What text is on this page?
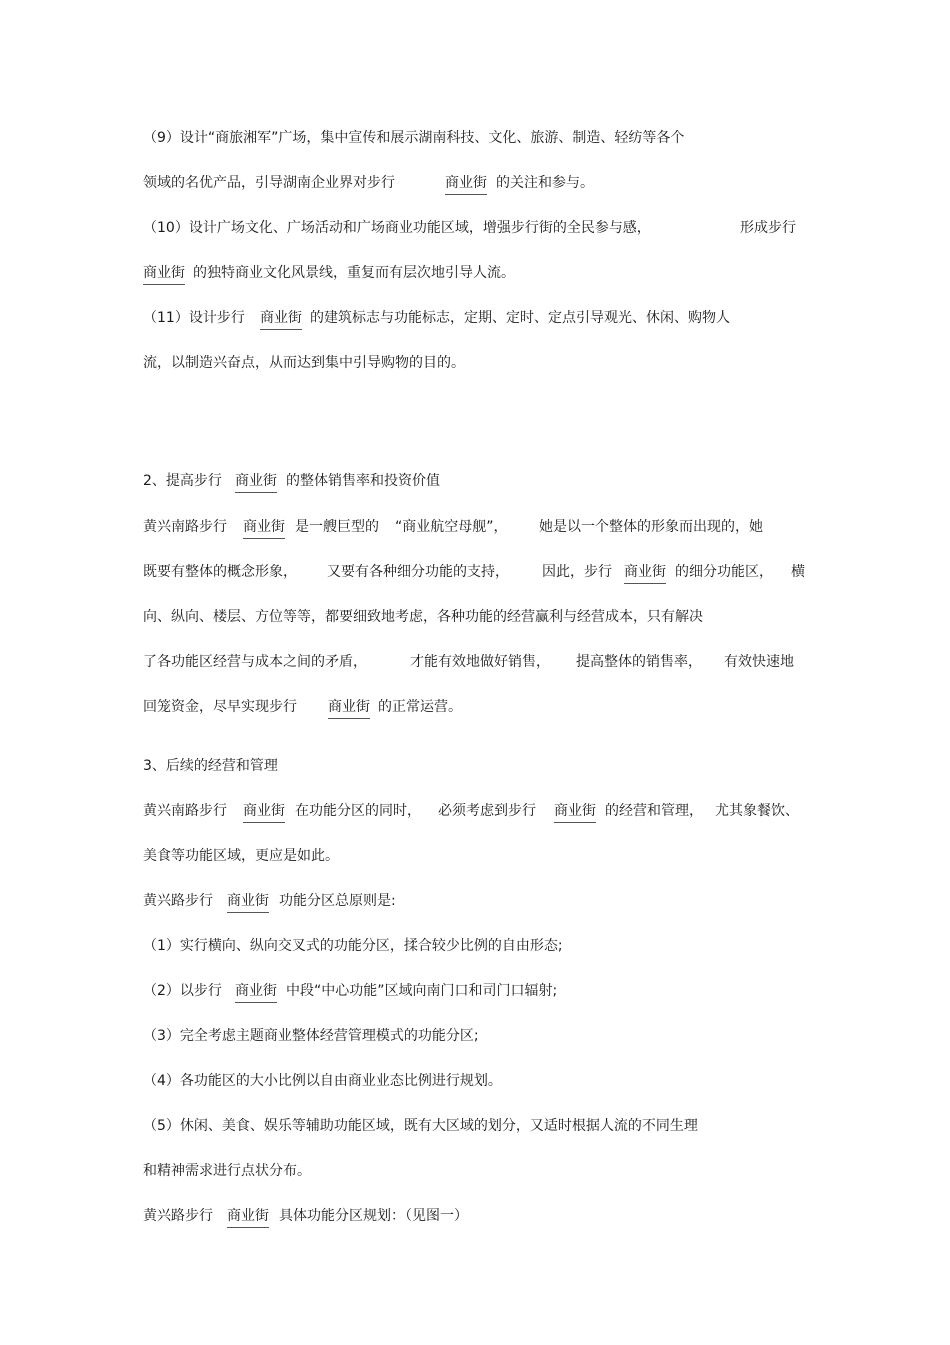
（9）设计“商旅湘军”广场，集中宣传和展示湖南科技、文化、旅游、制造、轻纺等各个
领域的名优产品，引导湖南企业界对步行	商业街 的关注和参与。
（10）设计广场文化、广场活动和广场商业功能区域，增强步行街的全民参与感，	形成步行
商业街 的独特商业文化风景线，重复而有层次地引导人流。
（11）设计步行 商业街 的建筑标志与功能标志，定期、定时、定点引导观光、休闲、购物人
流，以制造兴奋点，从而达到集中引导购物的目的。
2、提高步行 商业街 的整体销售率和投资价值
黄兴南路步行 商业街 是一艘巨型的 “商业航空母舰”， 她是以一个整体的形象而出现的，她
既要有整体的概念形象， 又要有各种细分功能的支持， 因此，步行 商业街 的细分功能区， 横
向、纵向、楼层、方位等等，都要细致地考虑，各种功能的经营赢利与经营成本，只有解决
了各功能区经营与成本之间的矛盾，	才能有效地做好销售， 提高整体的销售率， 有效快速地
回笼资金，尽早实现步行 商业街 的正常运营。
3、后续的经营和管理
黄兴南路步行 商业街 在功能分区的同时， 必须考虑到步行 商业街 的经营和管理， 尤其象餐饮、
美食等功能区域，更应是如此。
黄兴路步行 商业街 功能分区总原则是:
（1）实行横向、纵向交叉式的功能分区，揉合较少比例的自由形态;
（2）以步行 商业街 中段“中心功能”区域向南门口和司门口辐射;
（3）完全考虑主题商业整体经营管理模式的功能分区;
（4）各功能区的大小比例以自由商业业态比例进行规划。
（5）休闲、美食、娱乐等辅助功能区域，既有大区域的划分，又适时根据人流的不同生理
和精神需求进行点状分布。
黄兴路步行 商业街 具体功能分区规划：（见图一）
